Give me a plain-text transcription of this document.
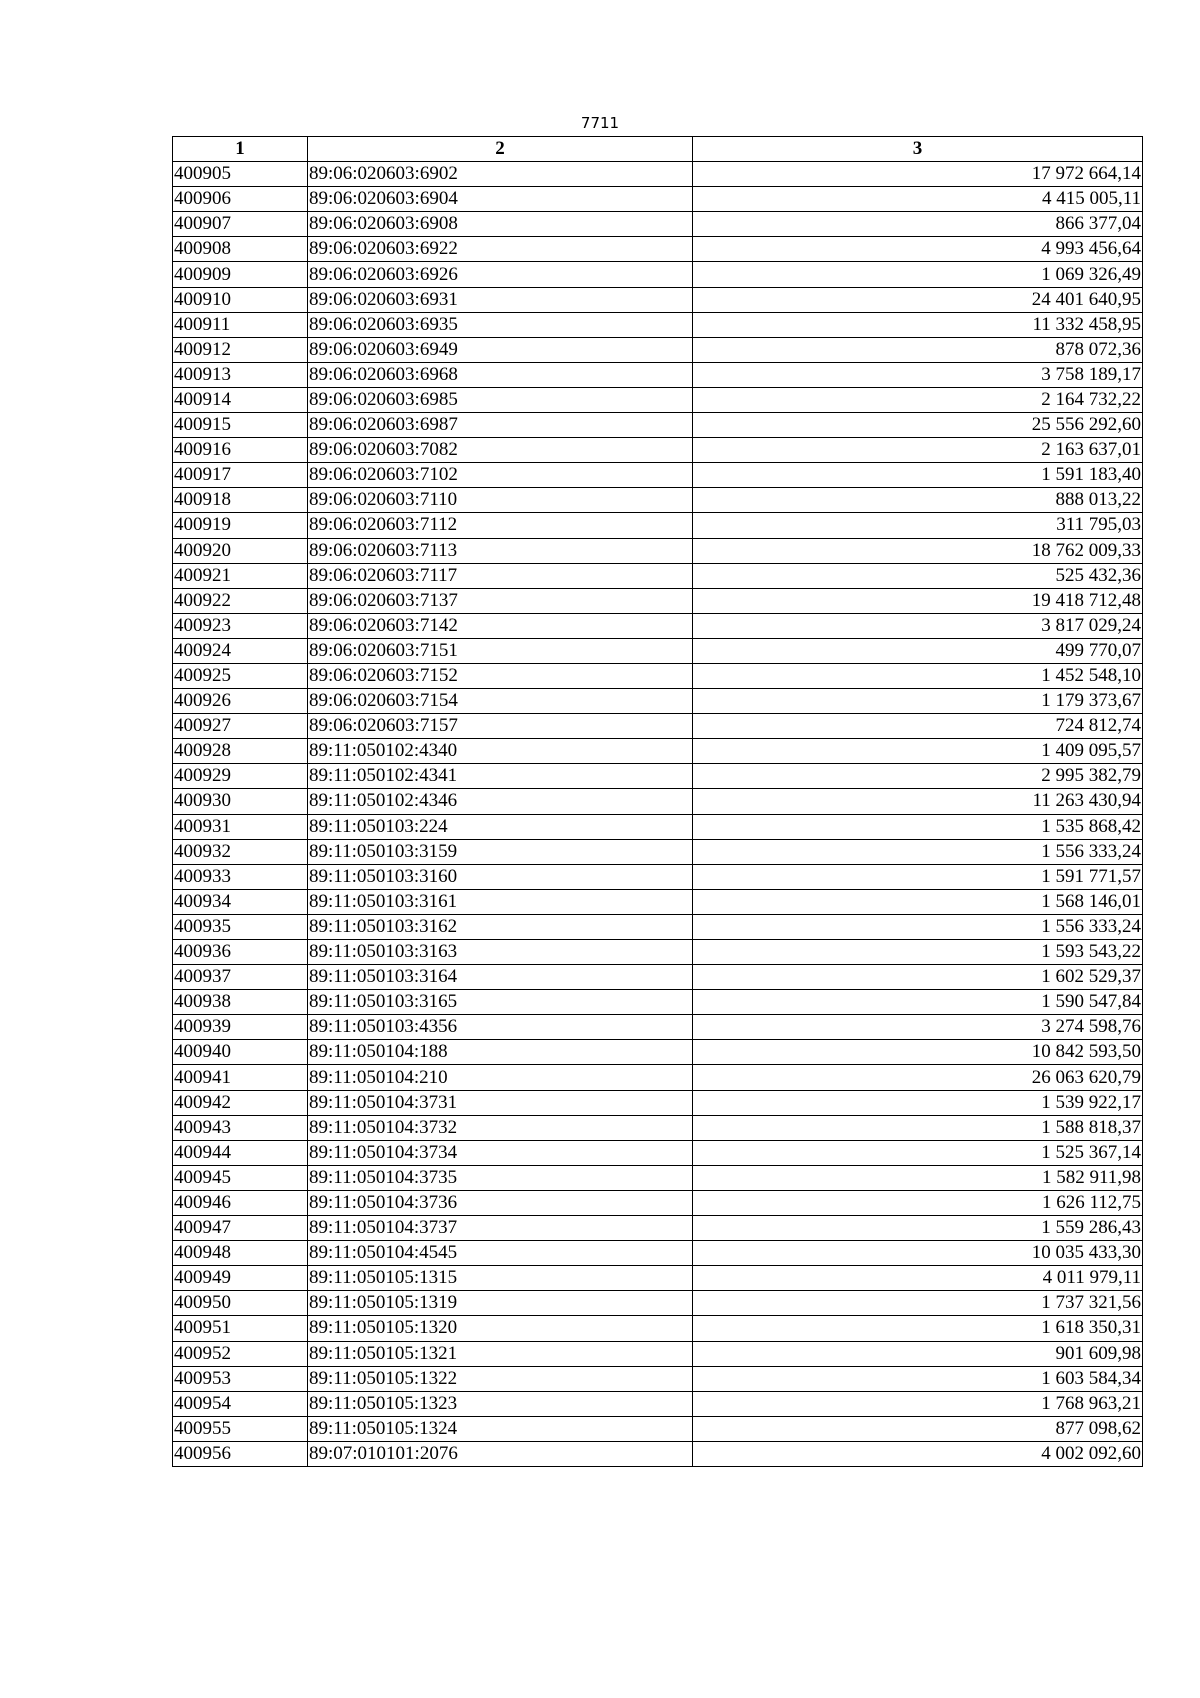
7711
1	2	3
400905	89:06:020603:6902	17 972 664,14
400906	89:06:020603:6904	4 415 005,11
400907	89:06:020603:6908	866 377,04
400908	89:06:020603:6922	4 993 456,64
400909	89:06:020603:6926	1 069 326,49
400910	89:06:020603:6931	24 401 640,95
400911	89:06:020603:6935	11 332 458,95
400912	89:06:020603:6949	878 072,36
400913	89:06:020603:6968	3 758 189,17
400914	89:06:020603:6985	2 164 732,22
400915	89:06:020603:6987	25 556 292,60
400916	89:06:020603:7082	2 163 637,01
400917	89:06:020603:7102	1 591 183,40
400918	89:06:020603:7110	888 013,22
400919	89:06:020603:7112	311 795,03
400920	89:06:020603:7113	18 762 009,33
400921	89:06:020603:7117	525 432,36
400922	89:06:020603:7137	19 418 712,48
400923	89:06:020603:7142	3 817 029,24
400924	89:06:020603:7151	499 770,07
400925	89:06:020603:7152	1 452 548,10
400926	89:06:020603:7154	1 179 373,67
400927	89:06:020603:7157	724 812,74
400928	89:11:050102:4340	1 409 095,57
400929	89:11:050102:4341	2 995 382,79
400930	89:11:050102:4346	11 263 430,94
400931	89:11:050103:224	1 535 868,42
400932	89:11:050103:3159	1 556 333,24
400933	89:11:050103:3160	1 591 771,57
400934	89:11:050103:3161	1 568 146,01
400935	89:11:050103:3162	1 556 333,24
400936	89:11:050103:3163	1 593 543,22
400937	89:11:050103:3164	1 602 529,37
400938	89:11:050103:3165	1 590 547,84
400939	89:11:050103:4356	3 274 598,76
400940	89:11:050104:188	10 842 593,50
400941	89:11:050104:210	26 063 620,79
400942	89:11:050104:3731	1 539 922,17
400943	89:11:050104:3732	1 588 818,37
400944	89:11:050104:3734	1 525 367,14
400945	89:11:050104:3735	1 582 911,98
400946	89:11:050104:3736	1 626 112,75
400947	89:11:050104:3737	1 559 286,43
400948	89:11:050104:4545	10 035 433,30
400949	89:11:050105:1315	4 011 979,11
400950	89:11:050105:1319	1 737 321,56
400951	89:11:050105:1320	1 618 350,31
400952	89:11:050105:1321	901 609,98
400953	89:11:050105:1322	1 603 584,34
400954	89:11:050105:1323	1 768 963,21
400955	89:11:050105:1324	877 098,62
400956	89:07:010101:2076	4 002 092,60
